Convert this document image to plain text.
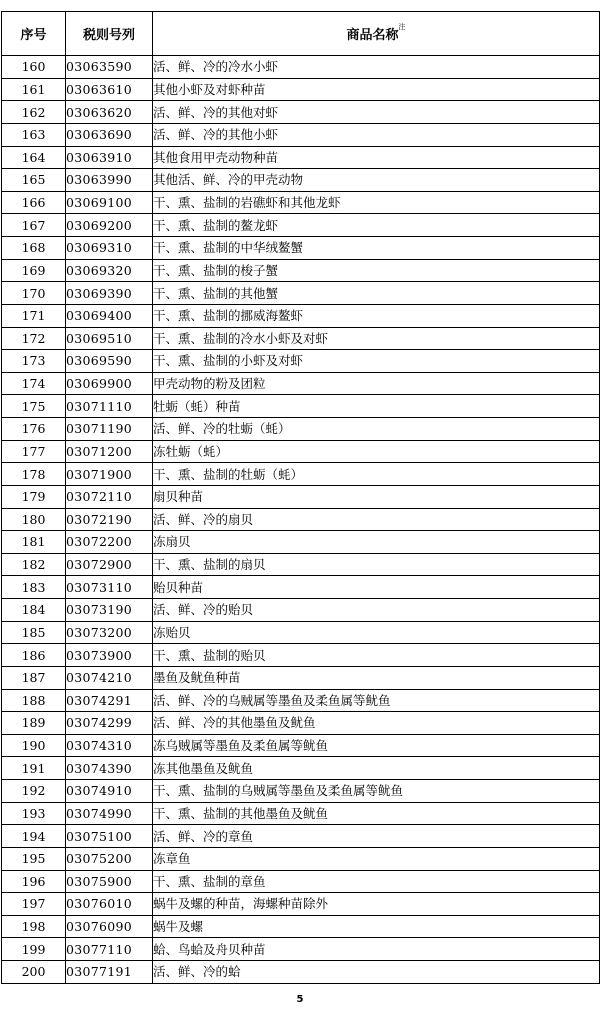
序号	税则号列	商品名称$^注$
160	03063590	活、鲜、冷的冷水小虾
161	03063610	其他小虾及对虾种苗
162	03063620	活、鲜、冷的其他对虾
163	03063690	活、鲜、冷的其他小虾
164	03063910	其他食用甲壳动物种苗
165	03063990	其他活、鲜、冷的甲壳动物
166	03069100	干、熏、盐制的岩礁虾和其他龙虾
167	03069200	干、熏、盐制的鳌龙虾
168	03069310	干、熏、盐制的中华绒鳌蟹
169	03069320	干、熏、盐制的梭子蟹
170	03069390	干、熏、盐制的其他蟹
171	03069400	干、熏、盐制的挪威海鳌虾
172	03069510	干、熏、盐制的冷水小虾及对虾
173	03069590	干、熏、盐制的小虾及对虾
174	03069900	甲壳动物的粉及团粒
175	03071110	牡蛎（蚝）种苗
176	03071190	活、鲜、冷的牡蛎（蚝）
177	03071200	冻牡蛎（蚝）
178	03071900	干、熏、盐制的牡蛎（蚝）
179	03072110	扇贝种苗
180	03072190	活、鲜、冷的扇贝
181	03072200	冻扇贝
182	03072900	干、熏、盐制的扇贝
183	03073110	贻贝种苗
184	03073190	活、鲜、冷的贻贝
185	03073200	冻贻贝
186	03073900	干、熏、盐制的贻贝
187	03074210	墨鱼及鱿鱼种苗
188	03074291	活、鲜、冷的乌贼属等墨鱼及柔鱼属等鱿鱼
189	03074299	活、鲜、冷的其他墨鱼及鱿鱼
190	03074310	冻乌贼属等墨鱼及柔鱼属等鱿鱼
191	03074390	冻其他墨鱼及鱿鱼
192	03074910	干、熏、盐制的乌贼属等墨鱼及柔鱼属等鱿鱼
193	03074990	干、熏、盐制的其他墨鱼及鱿鱼
194	03075100	活、鲜、冷的章鱼
195	03075200	冻章鱼
196	03075900	干、熏、盐制的章鱼
197	03076010	蜗牛及螺的种苗，海螺种苗除外
198	03076090	蜗牛及螺
199	03077110	蛤、鸟蛤及舟贝种苗
200	03077191	活、鲜、冷的蛤
5
